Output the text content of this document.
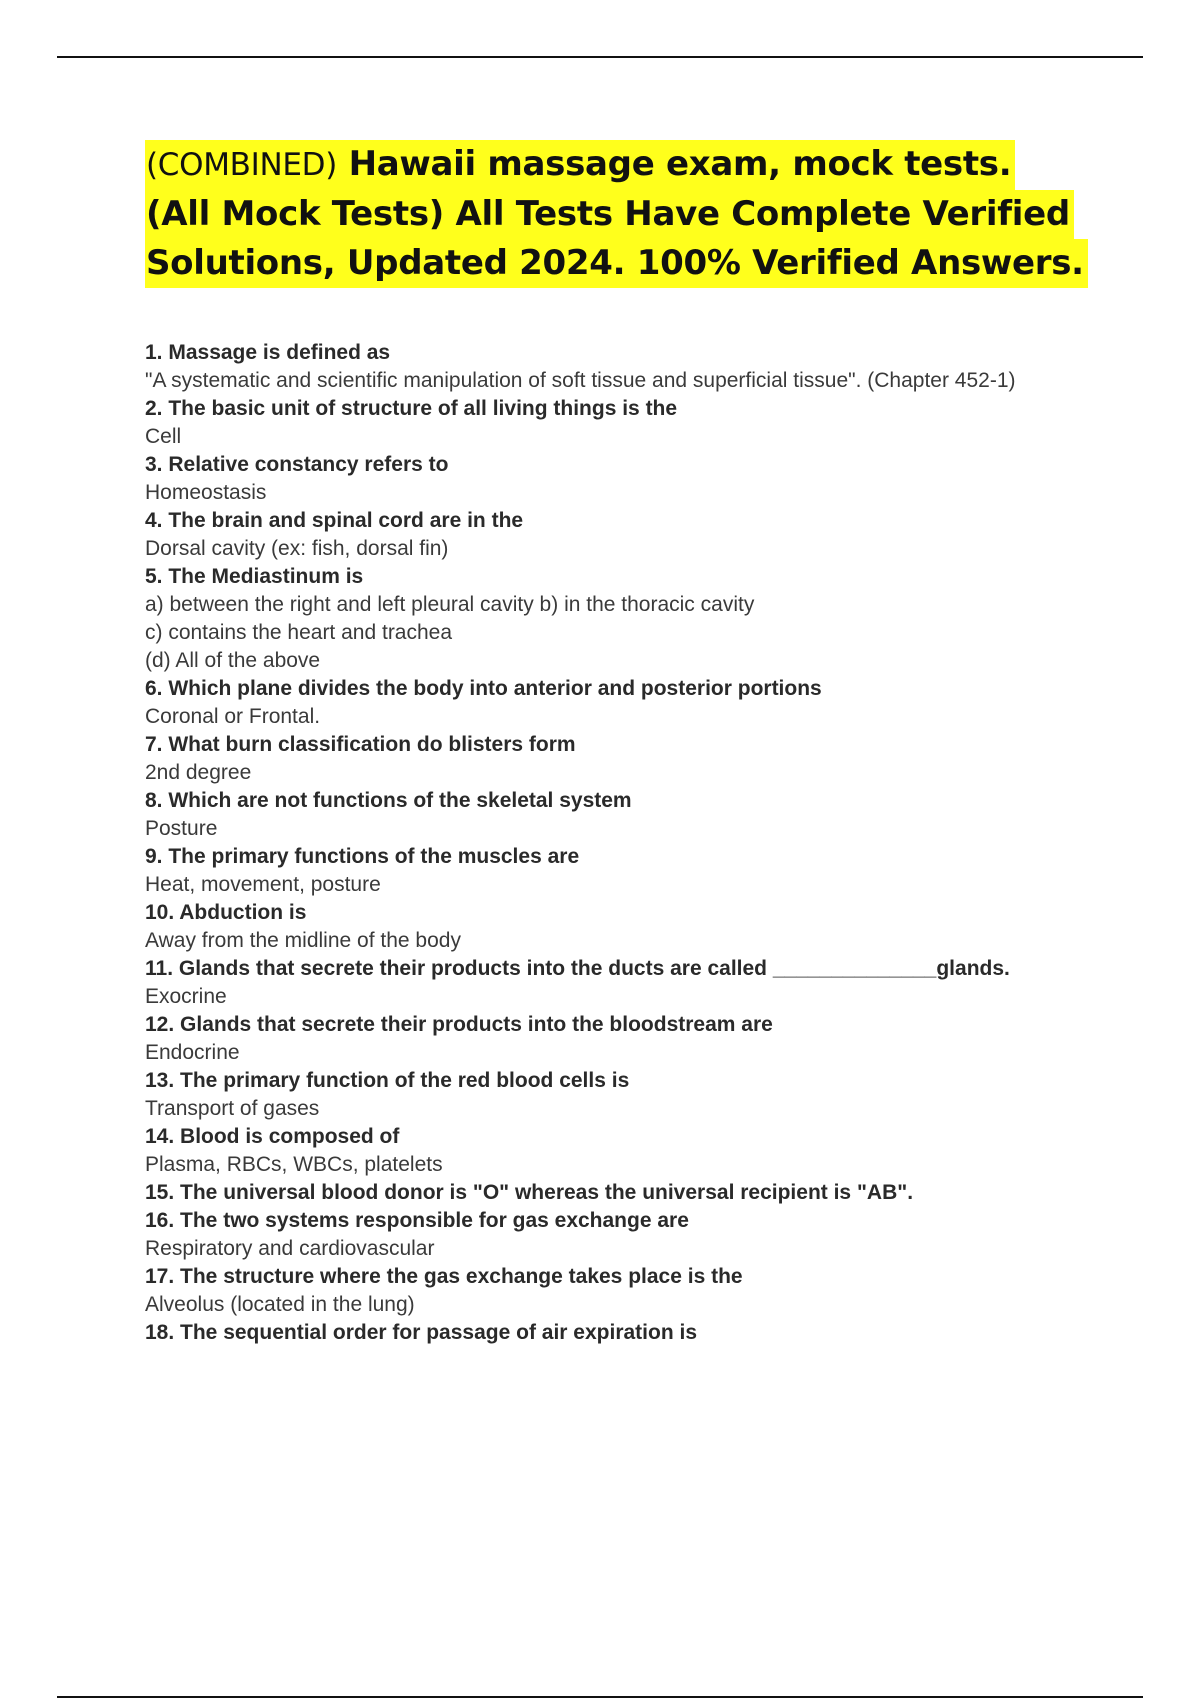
(COMBINED) Hawaii massage exam, mock tests.
(All Mock Tests) All Tests Have Complete Verified
Solutions, Updated 2024. 100% Verified Answers.
1. Massage is defined as
"A systematic and scientific manipulation of soft tissue and superficial tissue". (Chapter 452-1)
2. The basic unit of structure of all living things is the
Cell
3. Relative constancy refers to
Homeostasis
4. The brain and spinal cord are in the
Dorsal cavity (ex: fish, dorsal fin)
5. The Mediastinum is
a) between the right and left pleural cavity b) in the thoracic cavity
c) contains the heart and trachea
(d) All of the above
6. Which plane divides the body into anterior and posterior portions
Coronal or Frontal.
7. What burn classification do blisters form
2nd degree
8. Which are not functions of the skeletal system
Posture
9. The primary functions of the muscles are
Heat, movement, posture
10. Abduction is
Away from the midline of the body
11. Glands that secrete their products into the ducts are called ______________glands.
Exocrine
12. Glands that secrete their products into the bloodstream are
Endocrine
13. The primary function of the red blood cells is
Transport of gases
14. Blood is composed of
Plasma, RBCs, WBCs, platelets
15. The universal blood donor is "O" whereas the universal recipient is "AB".
16. The two systems responsible for gas exchange are
Respiratory and cardiovascular
17. The structure where the gas exchange takes place is the
Alveolus (located in the lung)
18. The sequential order for passage of air expiration is
